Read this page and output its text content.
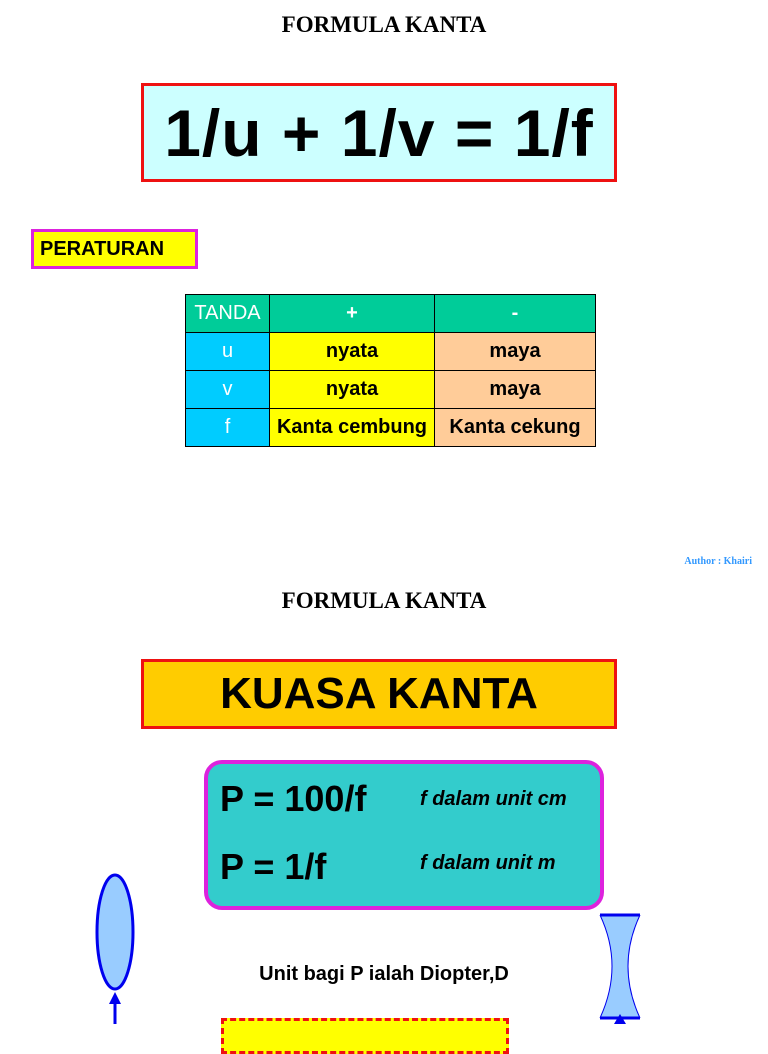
FORMULA KANTA
1/u + 1/v = 1/f
PERATURAN
TANDA	+	-
u	nyata	maya
v	nyata	maya
f	Kanta cembung	Kanta cekung
Author : Khairi
FORMULA KANTA
KUASA KANTA
P = 100/f	f dalam unit cm
P = 1/f	f dalam unit m
Unit bagi P ialah Diopter,D
